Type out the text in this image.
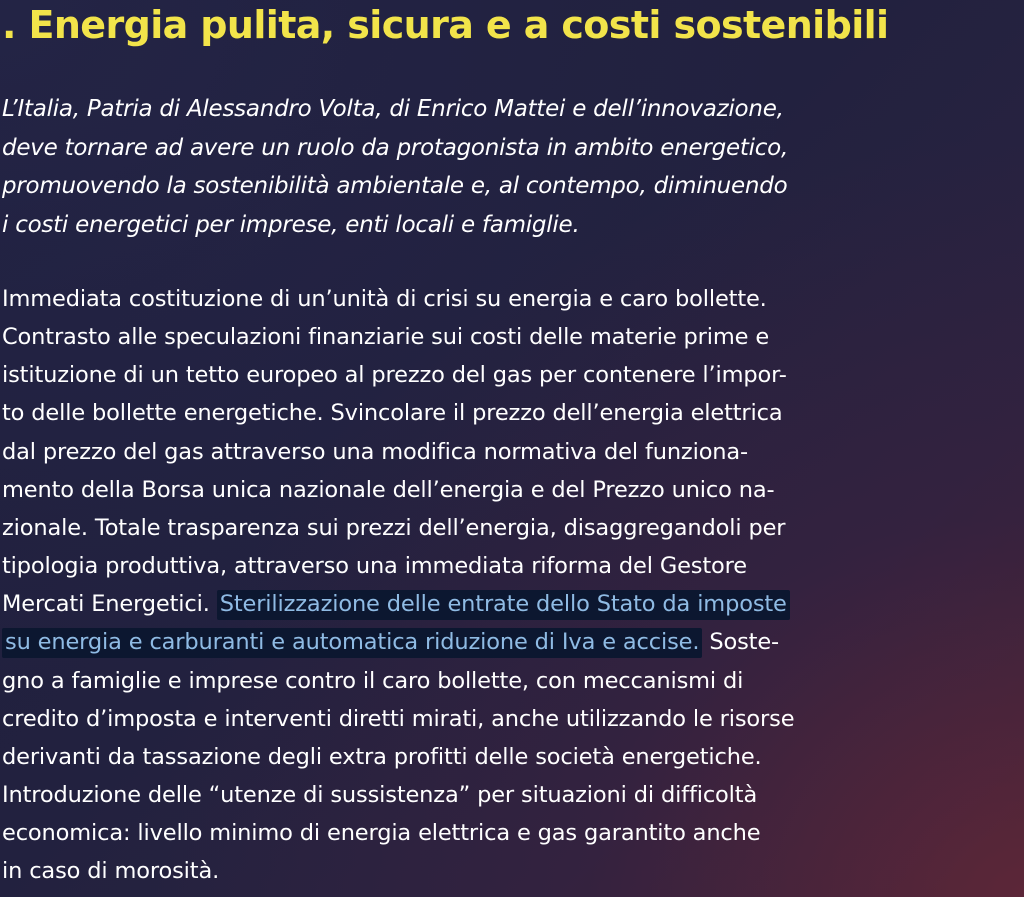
. Energia pulita, sicura e a costi sostenibili

L’Italia, Patria di Alessandro Volta, di Enrico Mattei e dell’innovazione,
deve tornare ad avere un ruolo da protagonista in ambito energetico,
promuovendo la sostenibilità ambientale e, al contempo, diminuendo
i costi energetici per imprese, enti locali e famiglie.

Immediata costituzione di un’unità di crisi su energia e caro bollette.
Contrasto alle speculazioni finanziarie sui costi delle materie prime e
istituzione di un tetto europeo al prezzo del gas per contenere l’impor-
to delle bollette energetiche. Svincolare il prezzo dell’energia elettrica
dal prezzo del gas attraverso una modifica normativa del funziona-
mento della Borsa unica nazionale dell’energia e del Prezzo unico na-
zionale. Totale trasparenza sui prezzi dell’energia, disaggregandoli per
tipologia produttiva, attraverso una immediata riforma del Gestore
Mercati Energetici. Sterilizzazione delle entrate dello Stato da imposte
su energia e carburanti e automatica riduzione di Iva e accise. Soste-
gno a famiglie e imprese contro il caro bollette, con meccanismi di
credito d’imposta e interventi diretti mirati, anche utilizzando le risorse
derivanti da tassazione degli extra profitti delle società energetiche.
Introduzione delle “utenze di sussistenza” per situazioni di difficoltà
economica: livello minimo di energia elettrica e gas garantito anche
in caso di morosità.
